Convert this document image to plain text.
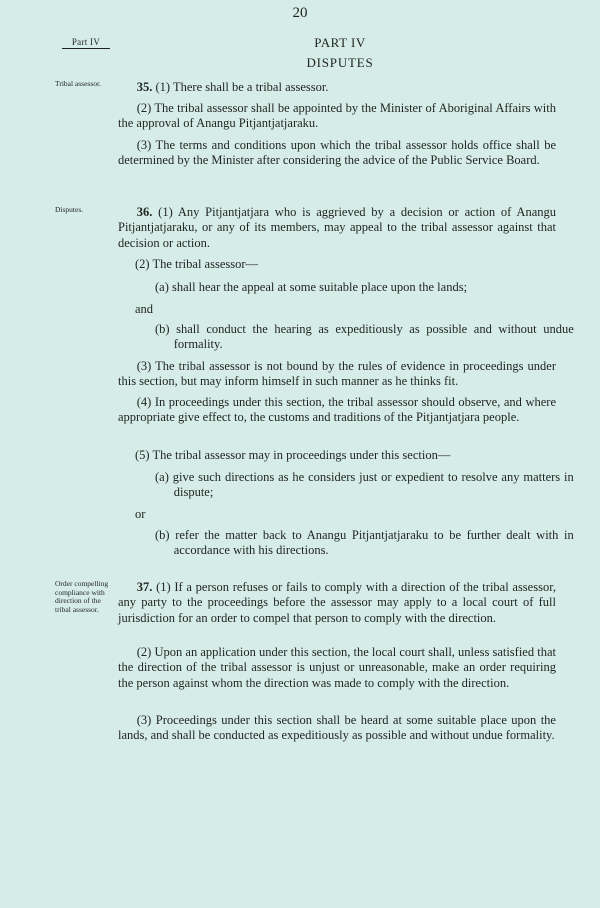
20
Part IV	PART IV
DISPUTES
Tribal assessor.	35. (1) There shall be a tribal assessor.

(2) The tribal assessor shall be appointed by the Minister of Aboriginal Affairs with the approval of Anangu Pitjantjatjaraku.

(3) The terms and conditions upon which the tribal assessor holds office shall be determined by the Minister after considering the advice of the Public Service Board.

Disputes.	36. (1) Any Pitjantjatjara who is aggrieved by a decision or action of Anangu Pitjantjatjaraku, or any of its members, may appeal to the tribal assessor against that decision or action.

(2) The tribal assessor—

(a) shall hear the appeal at some suitable place upon the lands;

and

(b) shall conduct the hearing as expeditiously as possible and without undue formality.

(3) The tribal assessor is not bound by the rules of evidence in proceedings under this section, but may inform himself in such manner as he thinks fit.

(4) In proceedings under this section, the tribal assessor should observe, and where appropriate give effect to, the customs and traditions of the Pitjantjatjara people.

(5) The tribal assessor may in proceedings under this section—

(a) give such directions as he considers just or expedient to resolve any matters in dispute;

or

(b) refer the matter back to Anangu Pitjantjatjaraku to be further dealt with in accordance with his directions.

Order compelling compliance with direction of the tribal assessor.

37. (1) If a person refuses or fails to comply with a direction of the tribal assessor, any party to the proceedings before the assessor may apply to a local court of full jurisdiction for an order to compel that person to comply with the direction.

(2) Upon an application under this section, the local court shall, unless satisfied that the direction of the tribal assessor is unjust or unreasonable, make an order requiring the person against whom the direction was made to comply with the direction.

(3) Proceedings under this section shall be heard at some suitable place upon the lands, and shall be conducted as expeditiously as possible and without undue formality.
